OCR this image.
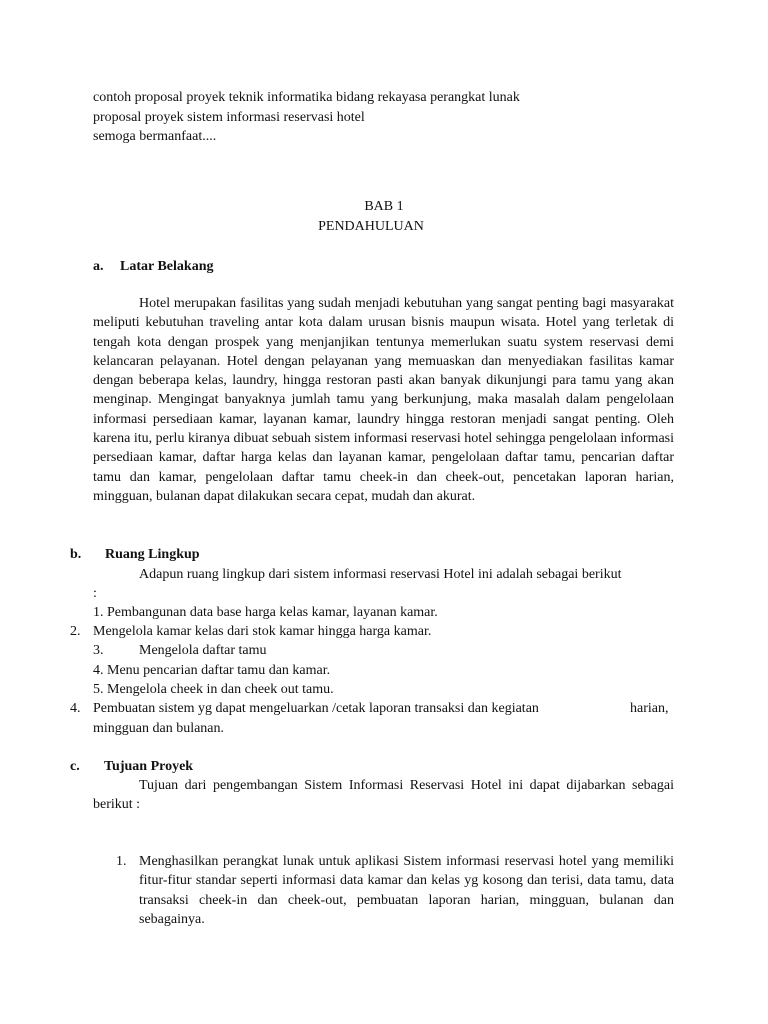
contoh proposal proyek teknik informatika bidang rekayasa perangkat lunak
proposal proyek sistem informasi reservasi hotel
semoga bermanfaat....
BAB 1
PENDAHULUAN
a. Latar Belakang
Hotel merupakan fasilitas yang sudah menjadi kebutuhan yang sangat penting bagi masyarakat meliputi kebutuhan traveling antar kota dalam urusan bisnis maupun wisata. Hotel yang terletak di tengah kota dengan prospek yang menjanjikan tentunya memerlukan suatu system reservasi demi kelancaran pelayanan. Hotel dengan pelayanan yang memuaskan dan menyediakan fasilitas kamar dengan beberapa kelas, laundry, hingga restoran pasti akan banyak dikunjungi para tamu yang akan menginap. Mengingat banyaknya jumlah tamu yang berkunjung, maka masalah dalam pengelolaan informasi persediaan kamar, layanan kamar, laundry hingga restoran menjadi sangat penting. Oleh karena itu, perlu kiranya dibuat sebuah sistem informasi reservasi hotel sehingga pengelolaan informasi persediaan kamar, daftar harga kelas dan layanan kamar, pengelolaan daftar tamu, pencarian daftar tamu dan kamar, pengelolaan daftar tamu cheek-in dan cheek-out, pencetakan laporan harian, mingguan, bulanan dapat dilakukan secara cepat, mudah dan akurat.
b. Ruang Lingkup
Adapun ruang lingkup dari sistem informasi reservasi Hotel ini adalah sebagai berikut
:
1. Pembangunan data base harga kelas kamar, layanan kamar.
2. Mengelola kamar kelas dari stok kamar hingga harga kamar.
3.	Mengelola daftar tamu
4. Menu pencarian daftar tamu dan kamar.
5. Mengelola cheek in dan cheek out tamu.
4. Pembuatan sistem yg dapat mengeluarkan /cetak laporan transaksi dan kegiatan	harian,
mingguan dan bulanan.
c. Tujuan Proyek
Tujuan dari pengembangan Sistem Informasi Reservasi Hotel ini dapat dijabarkan sebagai berikut :
1. Menghasilkan perangkat lunak untuk aplikasi Sistem informasi reservasi hotel yang memiliki fitur-fitur standar seperti informasi data kamar dan kelas yg kosong dan terisi, data tamu, data transaksi cheek-in dan cheek-out, pembuatan laporan harian, mingguan, bulanan dan sebagainya.
